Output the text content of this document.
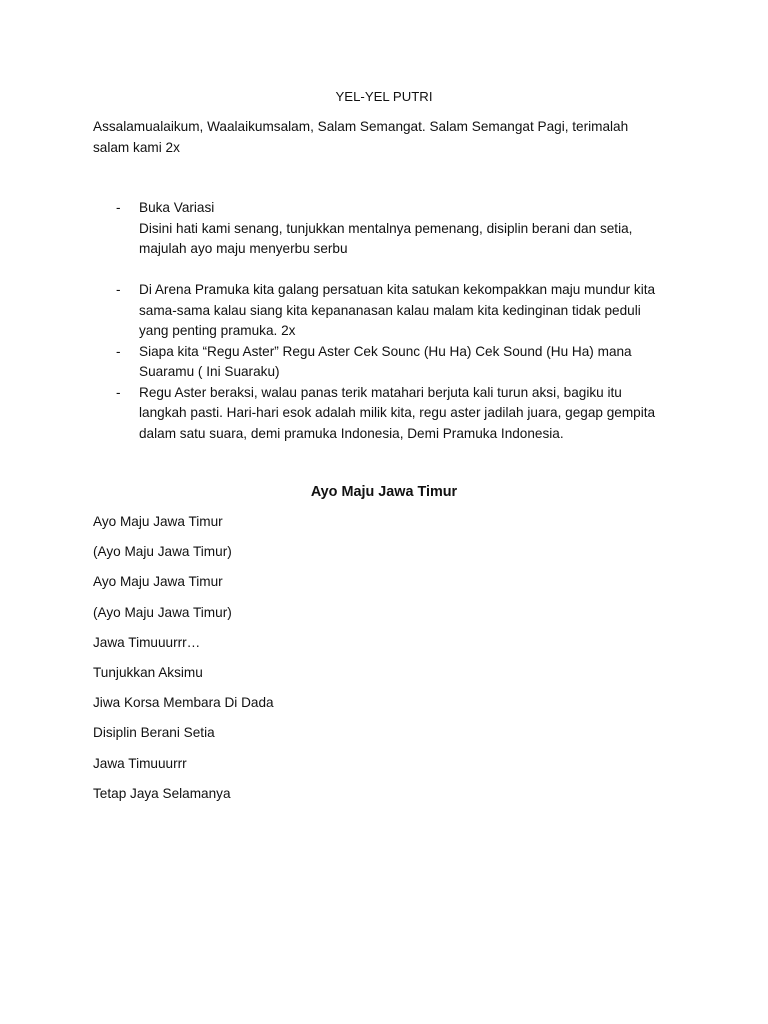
YEL-YEL PUTRI
Assalamualaikum, Waalaikumsalam, Salam Semangat. Salam Semangat Pagi, terimalah
salam kami 2x
- Buka Variasi
Disini hati kami senang, tunjukkan mentalnya pemenang, disiplin berani dan setia,
majulah ayo maju menyerbu serbu
- Di Arena Pramuka kita galang persatuan kita satukan kekompakkan maju mundur kita
sama-sama kalau siang kita kepananasan kalau malam kita kedinginan tidak peduli
yang penting pramuka. 2x
- Siapa kita “Regu Aster” Regu Aster Cek Sounc (Hu Ha) Cek Sound (Hu Ha) mana
Suaramu ( Ini Suaraku)
- Regu Aster beraksi, walau panas terik matahari berjuta kali turun aksi, bagiku itu
langkah pasti. Hari-hari esok adalah milik kita, regu aster jadilah juara, gegap gempita
dalam satu suara, demi pramuka Indonesia, Demi Pramuka Indonesia.
Ayo Maju Jawa Timur
Ayo Maju Jawa Timur
(Ayo Maju Jawa Timur)
Ayo Maju Jawa Timur
(Ayo Maju Jawa Timur)
Jawa Timuuurrr…
Tunjukkan Aksimu
Jiwa Korsa Membara Di Dada
Disiplin Berani Setia
Jawa Timuuurrr
Tetap Jaya Selamanya
